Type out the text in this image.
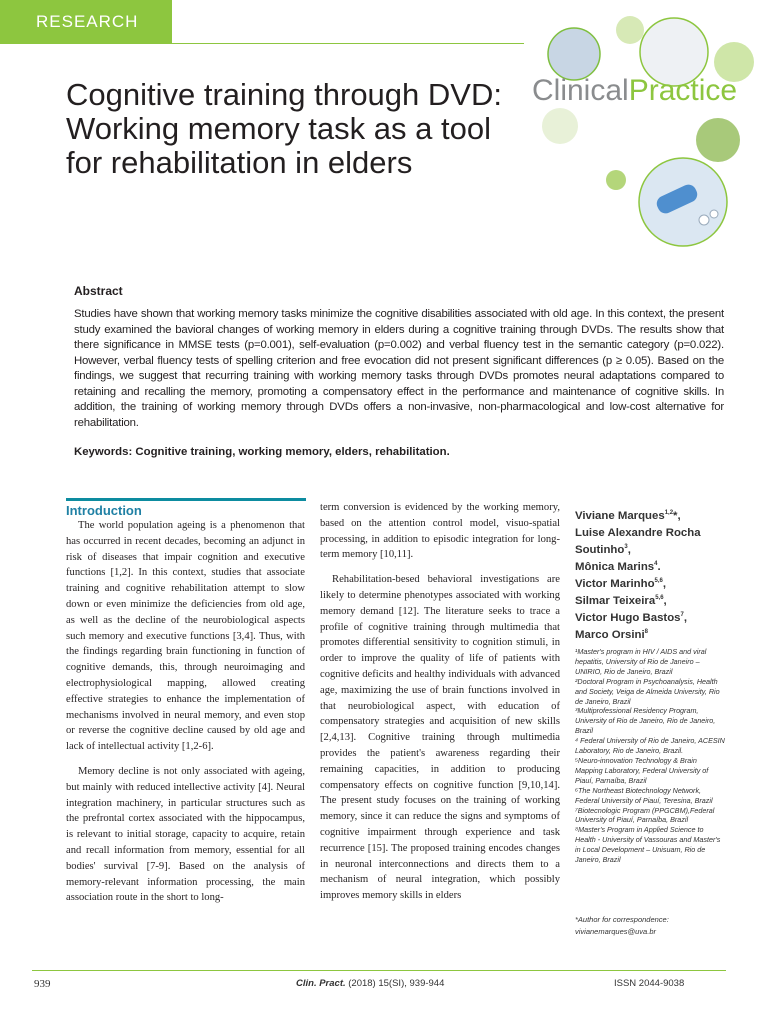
RESEARCH
Cognitive training through DVD: Working memory task as a tool for rehabilitation in elders
ClinicalPractice
Abstract
Studies have shown that working memory tasks minimize the cognitive disabilities associated with old age. In this context, the present study examined the bavioral changes of working memory in elders during a cognitive training through DVDs. The results show that there significance in MMSE tests (p=0.001), self-evaluation (p=0.002) and verbal fluency test in the semantic category (p=0.022). However, verbal fluency tests of spelling criterion and free evocation did not present significant differences (p ≥ 0.05). Based on the findings, we suggest that recurring training with working memory tasks through DVDs promotes neural adaptations compared to retaining and recalling the memory, promoting a compensatory effect in the performance and maintenance of cognitive skills. In addition, the training of working memory through DVDs offers a non-invasive, non-pharmacological and low-cost alternative for rehabilitation.
Keywords: Cognitive training, working memory, elders, rehabilitation.
Introduction

The world population ageing is a phenomenon that has occurred in recent decades, becoming an adjunct in risk of diseases that impair cognition and executive functions [1,2]. In this context, studies that associate training and cognitive rehabilitation attempt to slow down or even minimize the deficiencies from old age, as well as the decline of the neurobiological aspects such memory and executive functions [3,4]. Thus, with the findings regarding brain functioning in function of cognitive demands, this, through neuroimaging and electrophysiological mapping, allowed creating effective strategies to enhance the implementation of mechanisms involved in neural memory, and even stop or reverse the cognitive decline caused by old age and lack of intellectual activity [1,2-6].

Memory decline is not only associated with ageing, but mainly with reduced intellective activity [4]. Neural integration machinery, in particular structures such as the prefrontal cortex associated with the hippocampus, is relevant to initial storage, capacity to acquire, retain and recall information from memory, essential for all bodies' survival [7-9]. Based on the analysis of memory-relevant information processing, the main association route in the short to long-

term conversion is evidenced by the working memory, based on the attention control model, visuo-spatial processing, in addition to episodic integration for long-term memory [10,11].

Rehabilitation-besed behavioral investigations are likely to determine phenotypes associated with working memory demand [12]. The literature seeks to trace a profile of cognitive training through multimedia that promotes differential sensitivity to cognition stimuli, in order to improve the quality of life of patients with cognitive deficits and healthy individuals with advanced age, maximizing the use of brain functions involved in that neurobiological aspect, with education of compensatory strategies and acquisition of new skills [2,4,13]. Cognitive training through multimedia provides the patient's awareness regarding their remaining capacities, in addition to producing compensatory effects on cognitive function [9,10,14]. The present study focuses on the training of working memory, since it can reduce the signs and symptoms of cognitive impairment through experience and task recurrence [15]. The proposed training encodes changes in neuronal interconnections and directs them to a mechanism of neural integration, which possibly improves memory skills in elders

Viviane Marques$^{1,2}$*,
Luise Alexandre Rocha Soutinho$^3$,
Mônica Marins$^4$.
Victor Marinho$^{5,6}$,
Silmar Teixeira$^{5,6}$,
Victor Hugo Bastos$^7$,
Marco Orsini$^8$
¹Master's program in HIV / AIDS and viral hepatitis, University of Rio de Janeiro – UNIRIO, Rio de Janeiro, Brazil
²Doctoral Program in Psychoanalysis, Health and Society, Veiga de Almeida University, Rio de Janeiro, Brazil
³Multiprofessional Residency Program, University of Rio de Janeiro, Rio de Janeiro, Brazil
⁴ Federal University of Rio de Janeiro, ACESIN Laboratory, Rio de Janeiro, Brazil.
⁵Neuro-innovation Technology & Brain Mapping Laboratory, Federal University of Piauí, Parnaíba, Brazil
⁶The Northeast Biotechnology Network, Federal University of Piauí, Teresina, Brazil
⁷Biotecnologic Program (PPGCBM),Federal University of Piauí, Parnaíba, Brazil
⁸Master's Program in Applied Science to Health - University of Vassouras and Master's in Local Development – Unisuam, Rio de Janeiro, Brazil
*Author for correspondence:
vivianemarques@uva.br
939	Clin. Pract. (2018) 15(SI), 939-944	ISSN 2044-9038
